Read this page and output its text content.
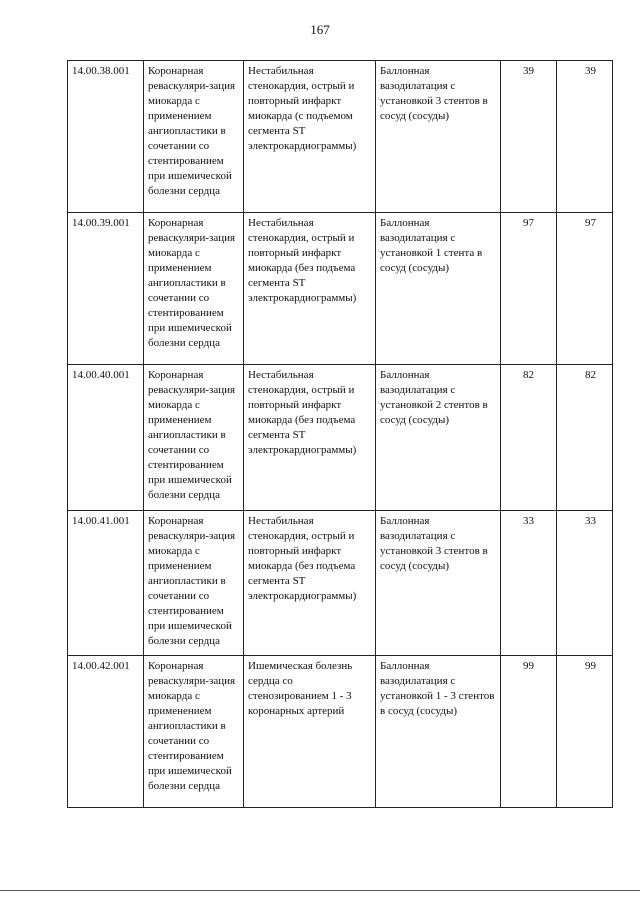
167
14.00.38.001	Коронарная реваскуляри-зация миокарда с применением ангиопластики в сочетании со стентированием при ишемической болезни сердца	Нестабильная стенокардия, острый и повторный инфаркт миокарда (с подъемом сегмента ST электрокардиограммы)	Баллонная вазодилатация с установкой 3 стентов в сосуд (сосуды)	39	39
14.00.39.001	Коронарная реваскуляри-зация миокарда с применением ангиопластики в сочетании со стентированием при ишемической болезни сердца	Нестабильная стенокардия, острый и повторный инфаркт миокарда (без подъема сегмента ST электрокардиограммы)	Баллонная вазодилатация с установкой 1 стента в сосуд (сосуды)	97	97
14.00.40.001	Коронарная реваскуляри-зация миокарда с применением ангиопластики в сочетании со стентированием при ишемической болезни сердца	Нестабильная стенокардия, острый и повторный инфаркт миокарда (без подъема сегмента ST электрокардиограммы)	Баллонная вазодилатация с установкой 2 стентов в сосуд (сосуды)	82	82
14.00.41.001	Коронарная реваскуляри-зация миокарда с применением ангиопластики в сочетании со стентированием при ишемической болезни сердца	Нестабильная стенокардия, острый и повторный инфаркт миокарда (без подъема сегмента ST электрокардиограммы)	Баллонная вазодилатация с установкой 3 стентов в сосуд (сосуды)	33	33
14.00.42.001	Коронарная реваскуляри-зация миокарда с применением ангиопластики в сочетании со стентированием при ишемической болезни сердца	Ишемическая болезнь сердца со стенозированием 1 - 3 коронарных артерий	Баллонная вазодилатация с установкой 1 - 3 стентов в сосуд (сосуды)	99	99
